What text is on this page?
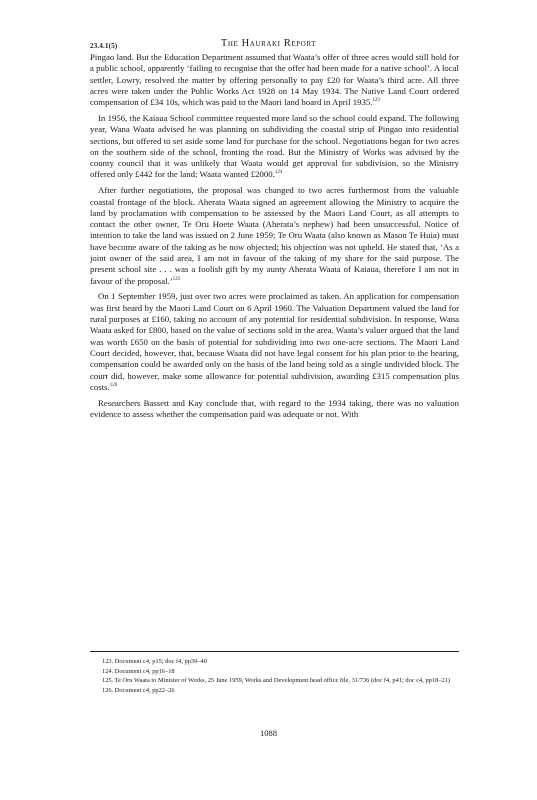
23.4.1(5)	The Hauraki Report

Pingao land. But the Education Department assumed that Waata’s offer of three acres would still hold for a public school, apparently ‘failing to recognise that the offer had been made for a native school’. A local settler, Lowry, resolved the matter by offering personally to pay £20 for Waata’s third acre. All three acres were taken under the Public Works Act 1928 on 14 May 1934. The Native Land Court ordered compensation of £34 10s, which was paid to the Maori land board in April 1935.$^{123}$

In 1956, the Kaiaua School committee requested more land so the school could expand. The following year, Wana Waata advised he was planning on subdividing the coastal strip of Pingao into residential sections, but offered to set aside some land for purchase for the school. Negotiations began for two acres on the southern side of the school, fronting the road. But the Ministry of Works was advised by the county council that it was unlikely that Waata would get approval for subdivision, so the Ministry offered only £442 for the land; Waata wanted £2000.$^{124}$

After further negotiations, the proposal was changed to two acres furthermost from the valuable coastal frontage of the block. Aherata Waata signed an agreement allowing the Ministry to acquire the land by proclamation with compensation to be assessed by the Maori Land Court, as all attempts to contact the other owner, Te Oru Hoete Waata (Aherata’s nephew) had been unsuccessful. Notice of intention to take the land was issued on 2 June 1959; Te Oru Waata (also known as Mason Te Huia) must have become aware of the taking as he now objected; his objection was not upheld. He stated that, ‘As a joint owner of the said area, I am not in favour of the taking of my share for the said purpose. The present school site . . . was a foolish gift by my aunty Aherata Waata of Kaiaua, therefore I am not in favour of the proposal.’$^{125}$

On 1 September 1959, just over two acres were proclaimed as taken. An application for compensation was first heard by the Maori Land Court on 6 April 1960. The Valuation Department valued the land for rural purposes at £160, taking no account of any potential for residential subdivision. In response, Wana Waata asked for £800, based on the value of sections sold in the area. Waata’s valuer argued that the land was worth £650 on the basis of potential for subdividing into two one-acre sections. The Maori Land Court decided, however, that, because Waata did not have legal consent for his plan prior to the hearing, compensation could be awarded only on the basis of the land being sold as a single undivided block. The court did, however, make some allowance for potential subdivision, awarding £315 compensation plus costs.$^{126}$

Researchers Bassett and Kay conclude that, with regard to the 1934 taking, there was no valuation evidence to assess whether the compensation paid was adequate or not. With

123. Document c4, p15; doc f4, pp39–40
124. Document c4, pp16–18
125. Te Oru Waata to Minister of Works, 25 June 1959, Works and Development head office file, 31/736 (doc f4, p41; doc c4, pp18–21)
126. Document c4, pp22–26
1088
